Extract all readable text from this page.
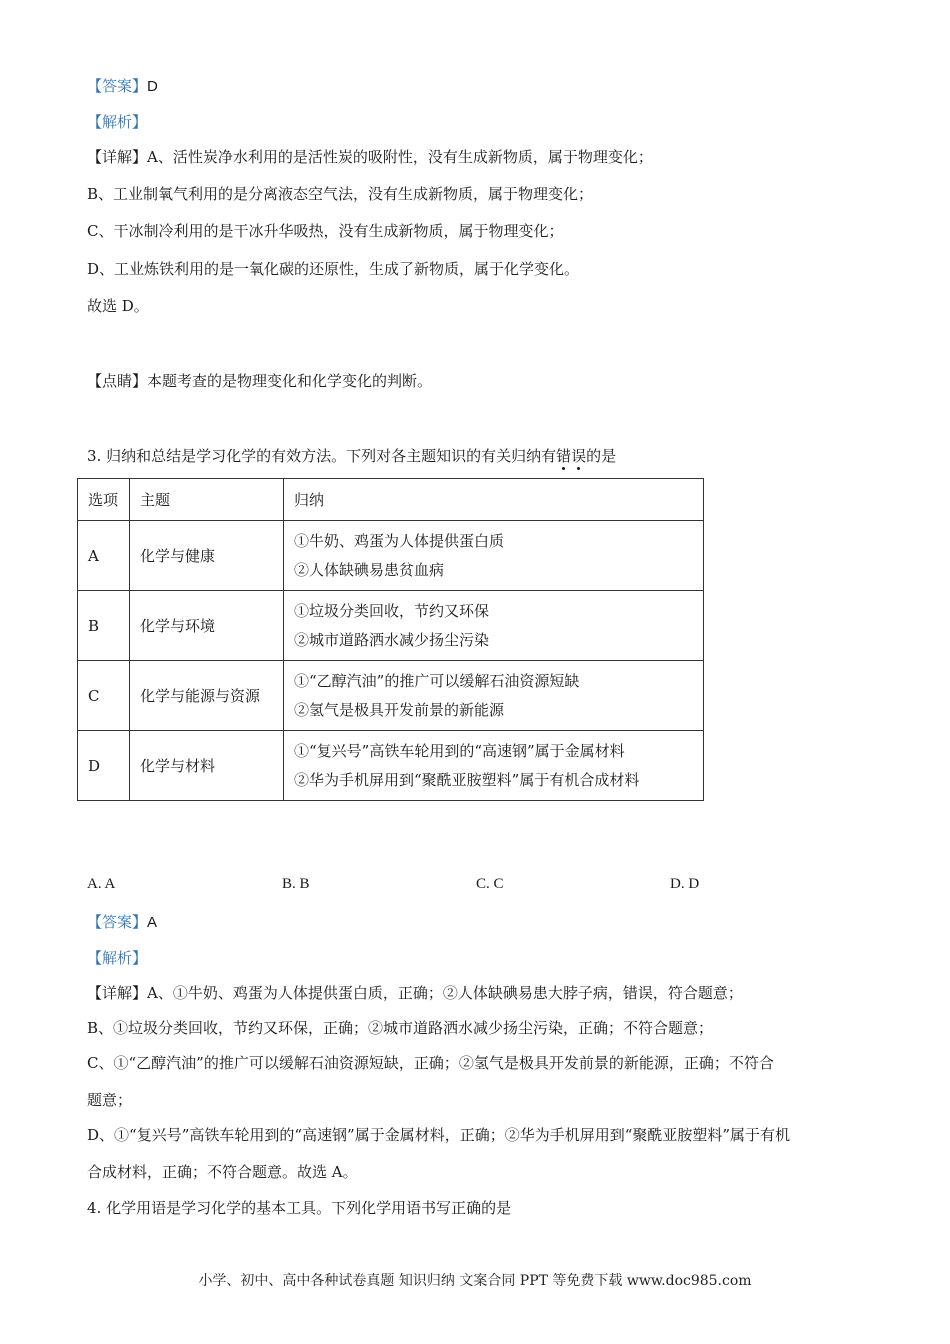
【答案】D
【解析】
【详解】A、活性炭净水利用的是活性炭的吸附性，没有生成新物质，属于物理变化；
B、工业制氧气利用的是分离液态空气法，没有生成新物质，属于物理变化；
C、干冰制冷利用的是干冰升华吸热，没有生成新物质，属于物理变化；
D、工业炼铁利用的是一氧化碳的还原性，生成了新物质，属于化学变化。
故选 D。
【点睛】本题考查的是物理变化和化学变化的判断。
3. 归纳和总结是学习化学的有效方法。下列对各主题知识的有关归纳有错误的是
选项	主题	归纳
A	化学与健康	①牛奶、鸡蛋为人体提供蛋白质
②人体缺碘易患贫血病

B	化学与环境	①垃圾分类回收，节约又环保
②城市道路洒水减少扬尘污染

C	化学与能源与资源	①“乙醇汽油”的推广可以缓解石油资源短缺
②氢气是极具开发前景的新能源

D	化学与材料	①“复兴号”高铁车轮用到的“高速钢”属于金属材料
②华为手机屏用到“聚酰亚胺塑料”属于有机合成材料
A. A	B. B	C. C	D. D
【答案】A
【解析】
【详解】A、①牛奶、鸡蛋为人体提供蛋白质，正确；②人体缺碘易患大脖子病，错误，符合题意；
B、①垃圾分类回收，节约又环保，正确；②城市道路洒水减少扬尘污染，正确；不符合题意；
C、①“乙醇汽油”的推广可以缓解石油资源短缺，正确；②氢气是极具开发前景的新能源，正确；不符合
题意；
D、①“复兴号”高铁车轮用到的“高速钢”属于金属材料，正确；②华为手机屏用到“聚酰亚胺塑料”属于有机
合成材料，正确；不符合题意。故选 A。
4. 化学用语是学习化学的基本工具。下列化学用语书写正确的是
小学、初中、高中各种试卷真题 知识归纳 文案合同 PPT 等免费下载 www.doc985.com
